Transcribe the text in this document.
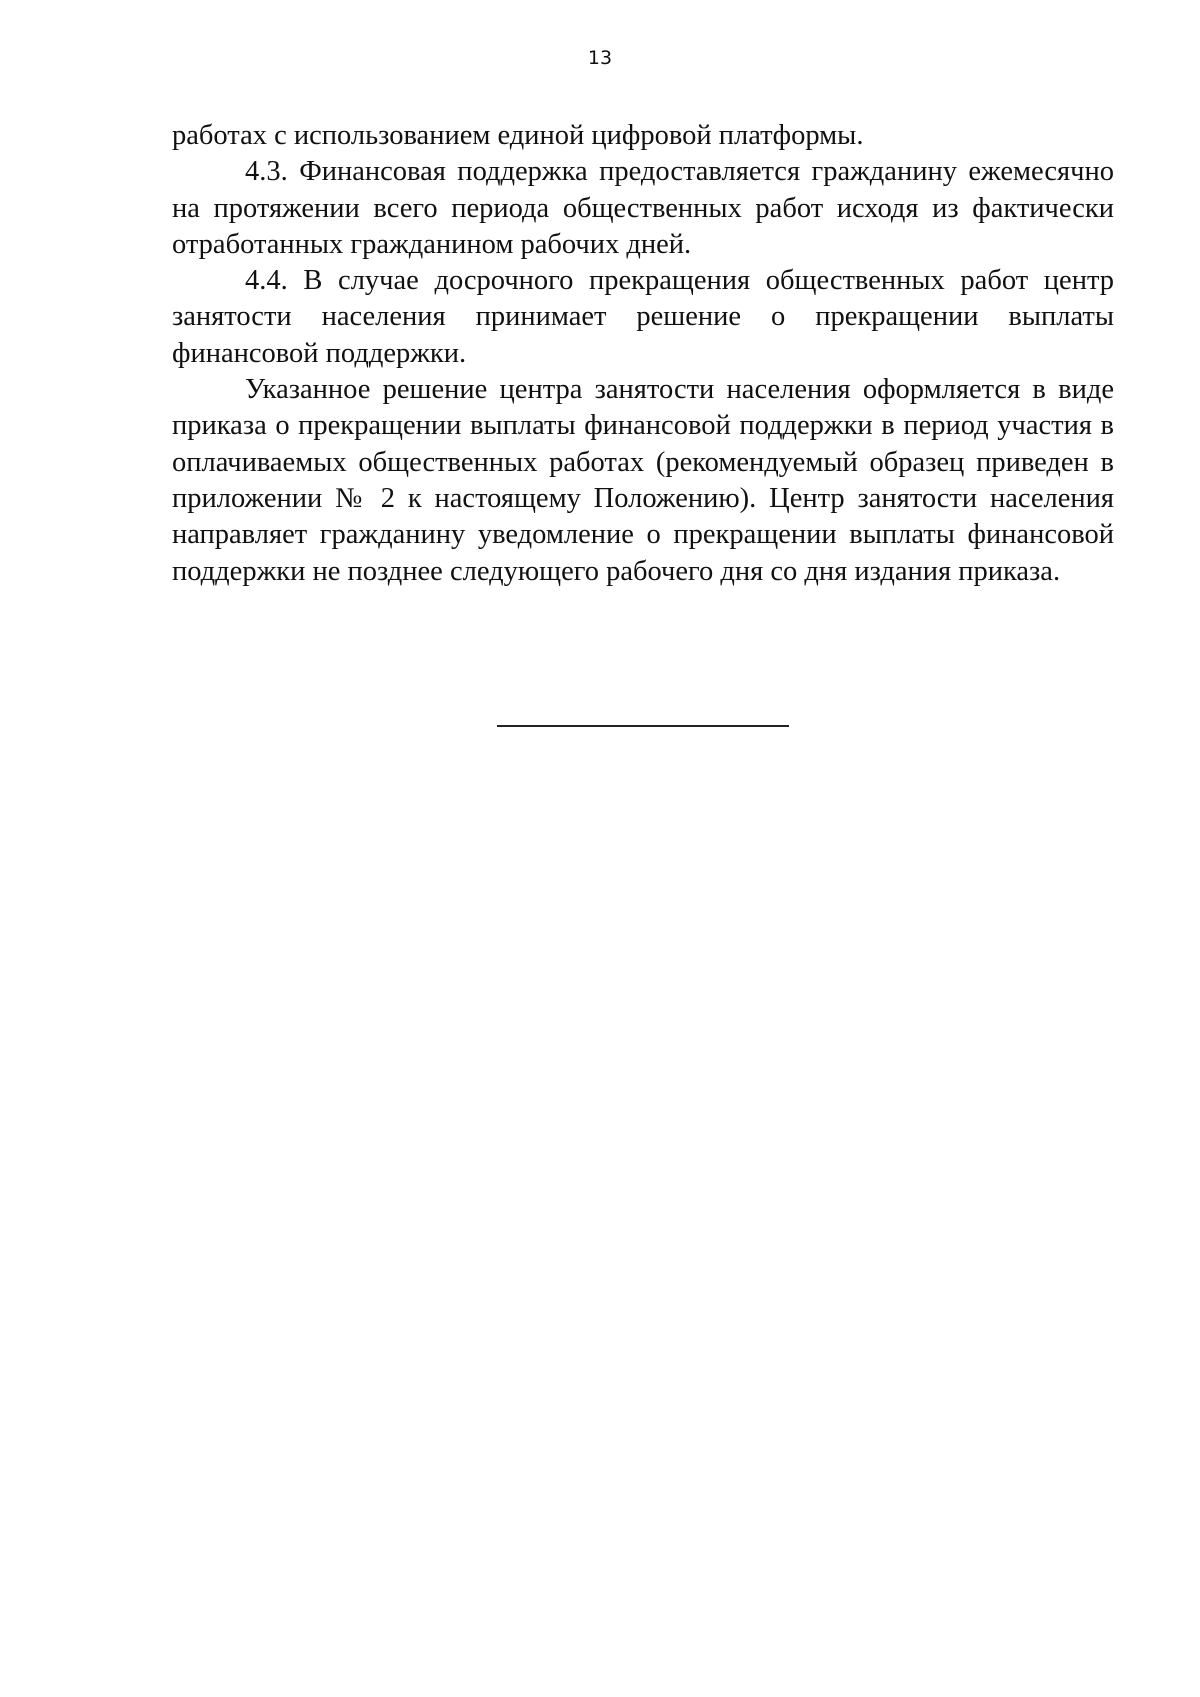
13

работах с использованием единой цифровой платформы.

4.3. Финансовая поддержка предоставляется гражданину ежемесячно на протяжении всего периода общественных работ исходя из фактически отработанных гражданином рабочих дней.

4.4. В случае досрочного прекращения общественных работ центр занятости населения принимает решение о прекращении выплаты финансовой поддержки.

Указанное решение центра занятости населения оформляется в виде приказа о прекращении выплаты финансовой поддержки в период участия в оплачиваемых общественных работах (рекомендуемый образец приведен в приложении № 2 к настоящему Положению). Центр занятости населения направляет гражданину уведомление о прекращении выплаты финансовой поддержки не позднее следующего рабочего дня со дня издания приказа.
